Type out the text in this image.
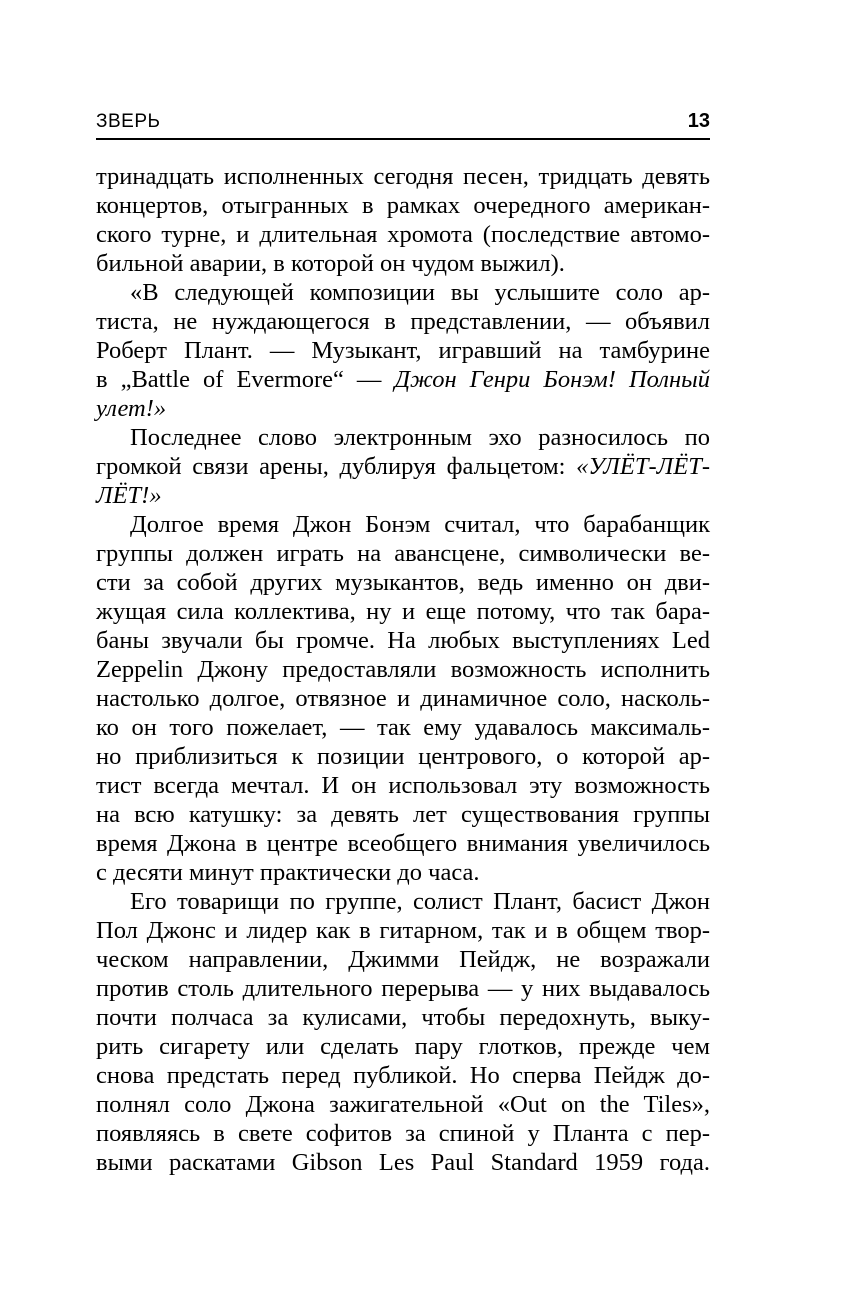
ЗВЕРЬ	13
тринадцать исполненных сегодня песен, тридцать девять
концертов, отыгранных в рамках очередного американ-
ского турне, и длительная хромота (последствие автомо-
бильной аварии, в которой он чудом выжил).
«В следующей композиции вы услышите соло ар-
тиста, не нуждающегося в представлении, — объявил
Роберт Плант. — Музыкант, игравший на тамбурине
в „Battle of Evermore“ — Джон Генри Бонэм! Полный
улет!»
Последнее слово электронным эхо разносилось по
громкой связи арены, дублируя фальцетом: «УЛЁТ-ЛЁТ-
ЛЁТ!»
Долгое время Джон Бонэм считал, что барабанщик
группы должен играть на авансцене, символически ве-
сти за собой других музыкантов, ведь именно он дви-
жущая сила коллектива, ну и еще потому, что так бара-
баны звучали бы громче. На любых выступлениях Led
Zeppelin Джону предоставляли возможность исполнить
настолько долгое, отвязное и динамичное соло, насколь-
ко он того пожелает, — так ему удавалось максималь-
но приблизиться к позиции центрового, о которой ар-
тист всегда мечтал. И он использовал эту возможность
на всю катушку: за девять лет существования группы
время Джона в центре всеобщего внимания увеличилось
с десяти минут практически до часа.
Его товарищи по группе, солист Плант, басист Джон
Пол Джонс и лидер как в гитарном, так и в общем твор-
ческом направлении, Джимми Пейдж, не возражали
против столь длительного перерыва — у них выдавалось
почти полчаса за кулисами, чтобы передохнуть, выку-
рить сигарету или сделать пару глотков, прежде чем
снова предстать перед публикой. Но сперва Пейдж до-
полнял соло Джона зажигательной «Out on the Tiles»,
появляясь в свете софитов за спиной у Планта с пер-
выми раскатами Gibson Les Paul Standard 1959 года.
